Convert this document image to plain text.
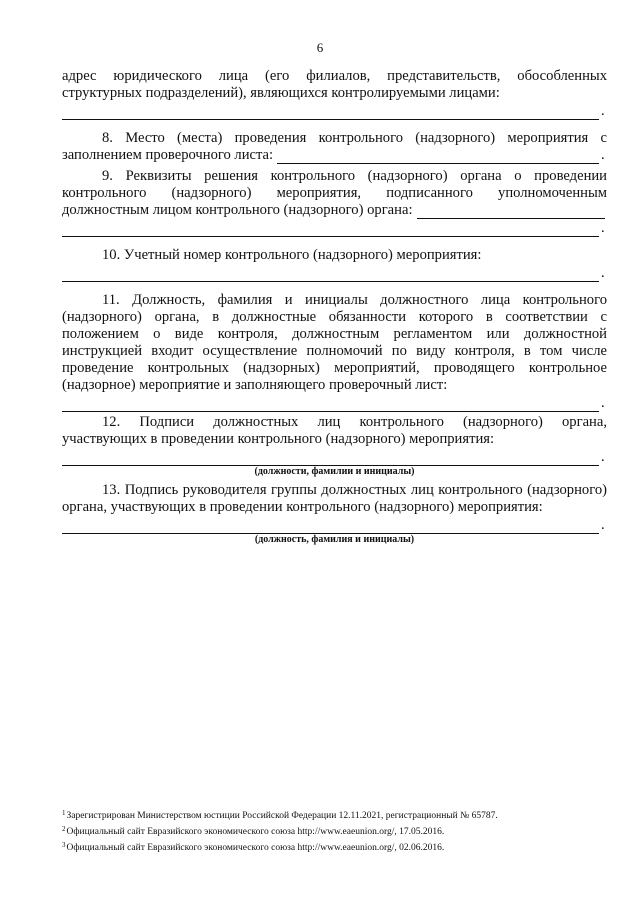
6
адрес юридического лица (его филиалов, представительств, обособленных
структурных подразделений), являющихся контролируемыми лицами:
.
8. Место (места) проведения контрольного (надзорного) мероприятия с
заполнением проверочного листа:	.
9. Реквизиты решения контрольного (надзорного) органа о проведении
контрольного (надзорного) мероприятия, подписанного уполномоченным
должностным лицом контрольного (надзорного) органа:
.
10. Учетный номер контрольного (надзорного) мероприятия:
.

11. Должность, фамилия и инициалы должностного лица контрольного (надзорного) органа, в должностные обязанности которого в соответствии с положением о виде контроля, должностным регламентом или должностной инструкцией входит осуществление полномочий по виду контроля, в том числе проведение контрольных (надзорных) мероприятий, проводящего контрольное (надзорное) мероприятие и заполняющего проверочный лист:

.
12. Подписи должностных лиц контрольного (надзорного) органа,
участвующих в проведении контрольного (надзорного) мероприятия:
.
(должности, фамилии и инициалы)

13. Подпись руководителя группы должностных лиц контрольного (надзорного) органа, участвующих в проведении контрольного (надзорного) мероприятия:

.
(должность, фамилия и инициалы)
$^1$Зарегистрирован Министерством юстиции Российской Федерации 12.11.2021, регистрационный № 65787.
$^2$Официальный сайт Евразийского экономического союза http://www.eaeunion.org/, 17.05.2016.
$^3$Официальный сайт Евразийского экономического союза http://www.eaeunion.org/, 02.06.2016.
